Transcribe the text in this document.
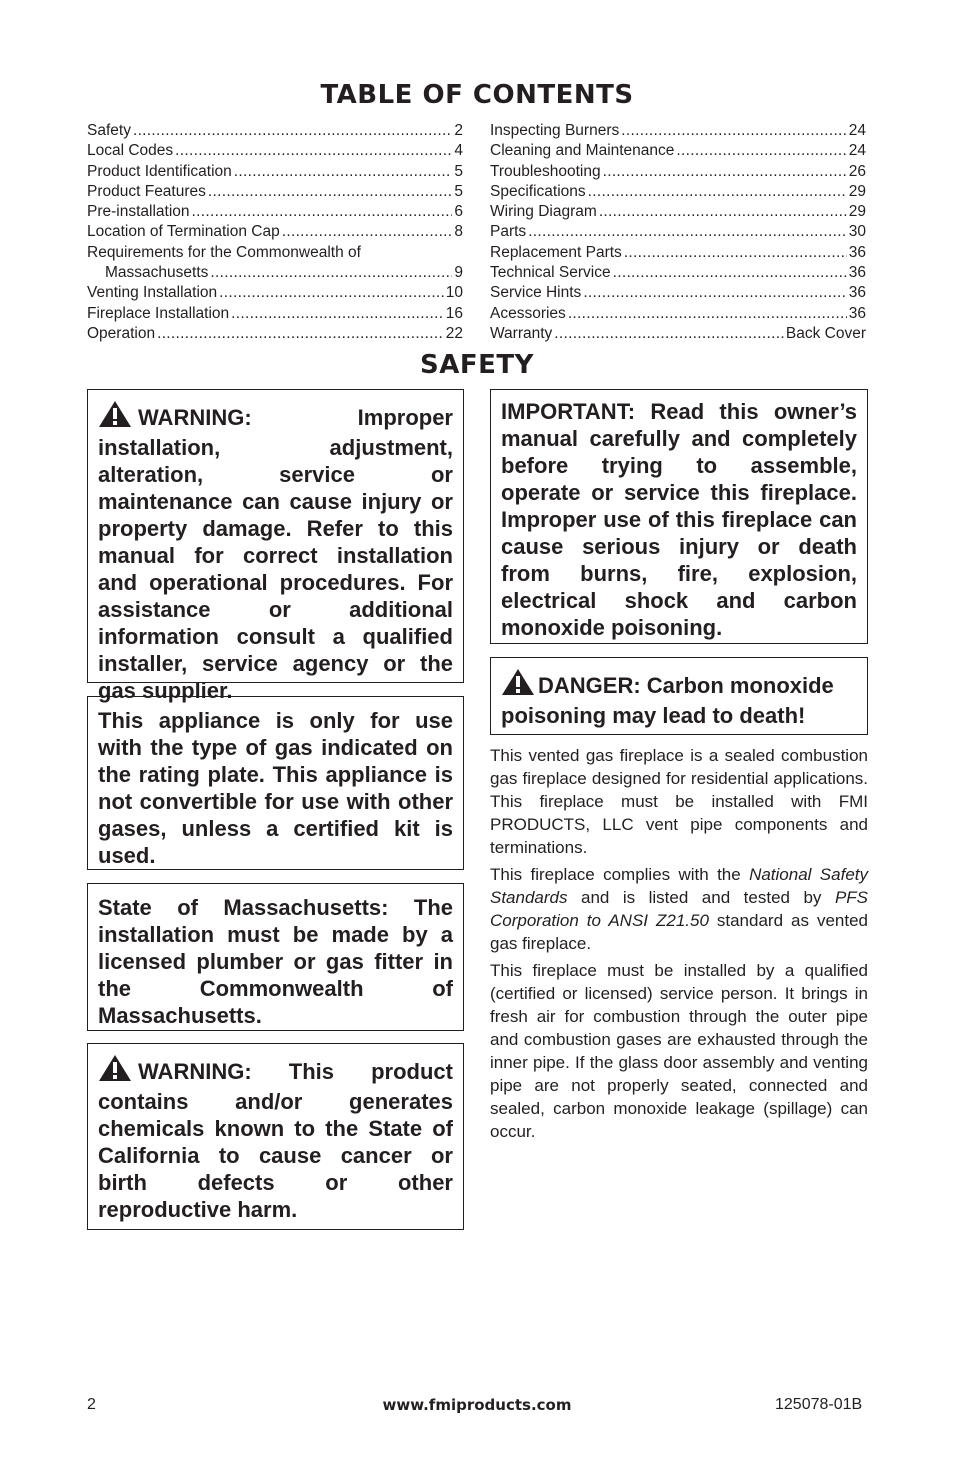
TABLE OF CONTENTS
Safety . . .	2
Local Codes . . .	4
Product Identification . . .	5
Product Features . . .	5
Pre-installation . . .	6
Location of Termination Cap . . .	8
Requirements for the Commonwealth of
Massachusetts . . .	9
Venting Installation . . .	10
Fireplace Installation . . .	16
Operation . . .	22
Inspecting Burners . . .	24
Cleaning and Maintenance . . .	24
Troubleshooting . . .	26
Specifications . . .	29
Wiring Diagram . . .	29
Parts . . .	30
Replacement Parts . . .	36
Technical Service . . .	36
Service Hints . . .	36
Acessories . . .	36
Warranty . . .	Back Cover
SAFETY

WARNING: Improper installation, adjustment, alteration, service or maintenance can cause injury or property damage. Refer to this manual for correct installation and operational procedures. For assistance or additional information consult a qualified installer, service agency or the gas supplier.

This appliance is only for use with the type of gas indicated on the rating plate. This appliance is not convertible for use with other gases, unless a certified kit is used.

State of Massachusetts: The installation must be made by a licensed plumber or gas fitter in the Commonwealth of Massachusetts.

WARNING: This product contains and/or generates chemicals known to the State of California to cause cancer or birth defects or other reproductive harm.

IMPORTANT: Read this owner’s manual carefully and completely before trying to assemble, operate or service this fireplace. Improper use of this fireplace can cause serious injury or death from burns, fire, explosion, electrical shock and carbon monoxide poisoning.

DANGER: Carbon monoxide poisoning may lead to death!

This vented gas fireplace is a sealed combustion gas fireplace designed for residential applications. This fireplace must be installed with FMI PRODUCTS, LLC vent pipe components and terminations.

This fireplace complies with the National Safety Standards and is listed and tested by PFS Corporation to ANSI Z21.50 standard as vented gas fireplace.

This fireplace must be installed by a qualified (certified or licensed) service person. It brings in fresh air for combustion through the outer pipe and combustion gases are exhausted through the inner pipe. If the glass door assembly and venting pipe are not properly seated, connected and sealed, carbon monoxide leakage (spillage) can occur.

2	www.fmiproducts.com	125078-01B
